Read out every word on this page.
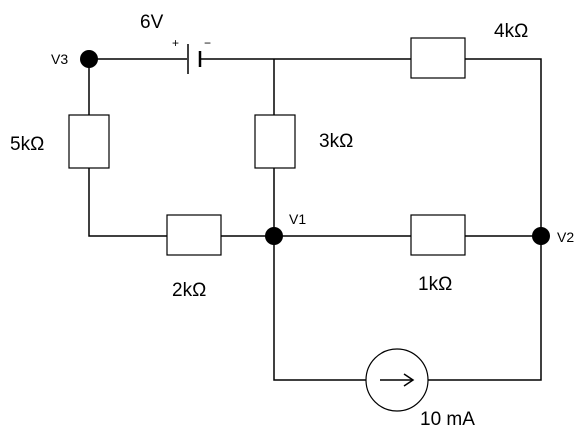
+ −
6V
10 mA
V3
V1
V2
5kΩ	3kΩ
4kΩ
2kΩ	1kΩ
